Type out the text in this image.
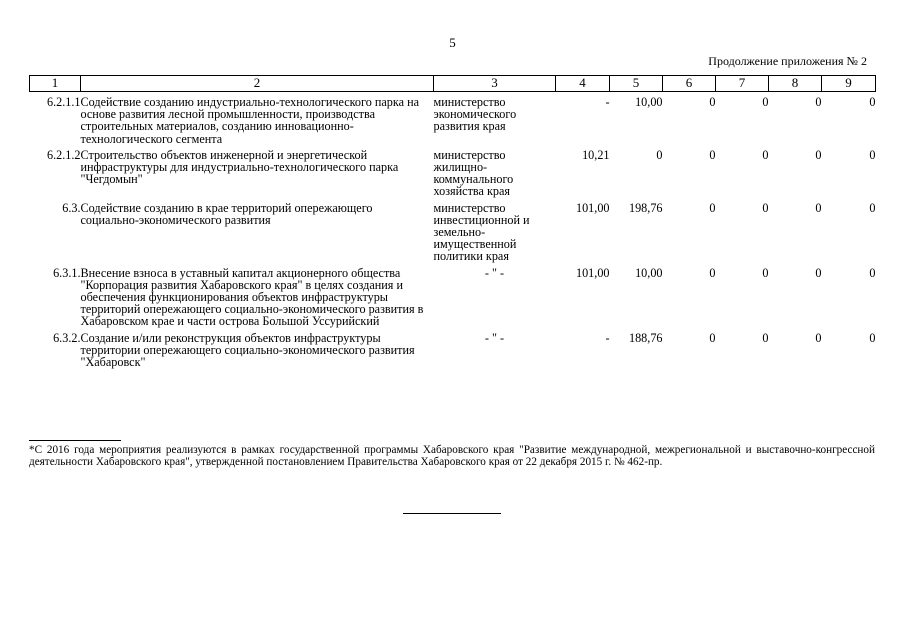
5
Продолжение приложения № 2
1	2	3	4	5	6	7	8	9
6.2.1.1	Содействие созданию индустриально-технологического парка на основе развития лесной промышленности, производства строительных материалов, созданию инновационно-технологического сегмента	министерство экономического развития края	-	10,00	0	0	0	0
6.2.1.2	Строительство объектов инженерной и энергетической инфраструктуры для индустриально-технологического парка "Чегдомын"	министерство жилищно-коммунального хозяйства края	10,21	0	0	0	0	0
6.3.	Содействие созданию в крае территорий опережающего социально-экономического развития	министерство инвестиционной и земельно-имущественной политики края	101,00	198,76	0	0	0	0
6.3.1.	Внесение взноса в уставный капитал акционерного общества "Корпорация развития Хабаровского края" в целях создания и обеспечения функционирования объектов инфраструктуры территорий опережающего социально-экономического развития в Хабаровском крае и части острова Большой Уссурийский	- " -	101,00	10,00	0	0	0	0
6.3.2.	Создание и/или реконструкция объектов инфраструктуры территории опережающего социально-экономического развития "Хабаровск"	- " -	-	188,76	0	0	0	0
*С 2016 года мероприятия реализуются в рамках государственной программы Хабаровского края "Развитие международной, межрегиональной и выставочно-конгрессной деятельности Хабаровского края", утвержденной постановлением Правительства Хабаровского края от 22 декабря 2015 г. № 462-пр.
